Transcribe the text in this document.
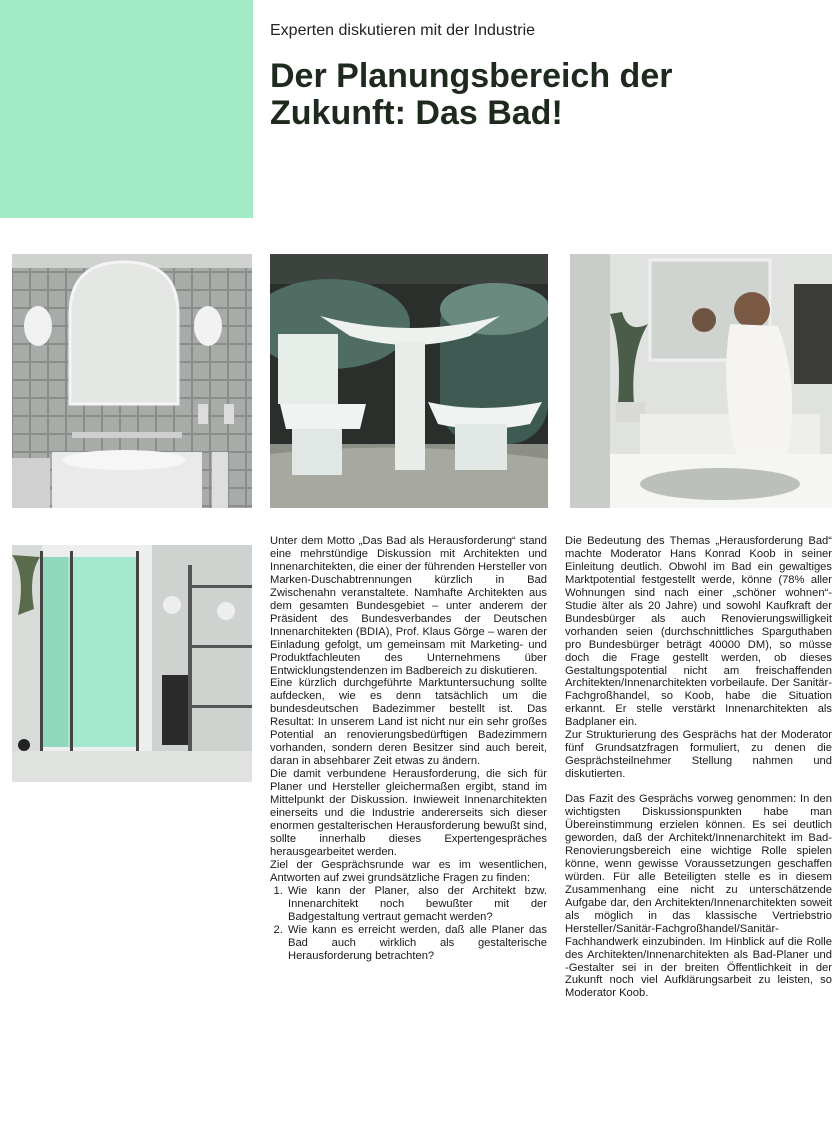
Experten diskutieren mit der Industrie
Der Planungsbereich der
Zukunft: Das Bad!

Unter dem Motto „Das Bad als Herausforderung“ stand eine mehrstündige Diskussion mit Architekten und Innenarchitekten, die einer der führenden Hersteller von Marken-Duschabtrennungen kürzlich in Bad Zwischenahn veranstaltete. Namhafte Architekten aus dem gesamten Bundesgebiet – unter anderem der Präsident des Bundesverbandes der Deutschen Innenarchitekten (BDIA), Prof. Klaus Görge – waren der Einladung gefolgt, um gemeinsam mit Marketing- und Produktfachleuten des Unternehmens über Entwicklungstendenzen im Badbereich zu diskutieren.

Eine kürzlich durchgeführte Marktuntersuchung sollte aufdecken, wie es denn tatsächlich um die bundesdeutschen Badezimmer bestellt ist. Das Resultat: In unserem Land ist nicht nur ein sehr großes Potential an renovierungsbedürftigen Badezimmern vorhanden, sondern deren Besitzer sind auch bereit, daran in absehbarer Zeit etwas zu ändern.

Die damit verbundene Herausforderung, die sich für Planer und Hersteller gleichermaßen ergibt, stand im Mittelpunkt der Diskussion. Inwieweit Innenarchitekten einerseits und die Industrie andererseits sich dieser enormen gestalterischen Herausforderung bewußt sind, sollte innerhalb dieses Expertengespräches herausgearbeitet werden.

Ziel der Gesprächsrunde war es im wesentlichen, Antworten auf zwei grundsätzliche Fragen zu finden:

1. Wie kann der Planer, also der Architekt bzw. Innenarchitekt noch bewußter mit der Badgestaltung vertraut gemacht werden?
2. Wie kann es erreicht werden, daß alle Planer das Bad auch wirklich als gestalterische Herausforderung betrachten?

Die Bedeutung des Themas „Herausforderung Bad“ machte Moderator Hans Konrad Koob in seiner Einleitung deutlich. Obwohl im Bad ein gewaltiges Marktpotential festgestellt werde, könne (78% aller Wohnungen sind nach einer „schöner wohnen“-Studie älter als 20 Jahre) und sowohl Kaufkraft der Bundesbürger als auch Renovierungswilligkeit vorhanden seien (durchschnittliches Sparguthaben pro Bundesbürger beträgt 40000 DM), so müsse doch die Frage gestellt werden, ob dieses Gestaltungspotential nicht am freischaffenden Architekten/Innenarchitekten vorbeilaufe. Der Sanitär-Fachgroßhandel, so Koob, habe die Situation erkannt. Er stelle verstärkt Innenarchitekten als Badplaner ein.

Zur Strukturierung des Gesprächs hat der Moderator fünf Grundsatzfragen formuliert, zu denen die Gesprächsteilnehmer Stellung nahmen und diskutierten.

Das Fazit des Gesprächs vorweg genommen: In den wichtigsten Diskussionspunkten habe man Übereinstimmung erzielen können. Es sei deutlich geworden, daß der Architekt/Innenarchitekt im Bad-Renovierungsbereich eine wichtige Rolle spielen könne, wenn gewisse Voraussetzungen geschaffen würden. Für alle Beteiligten stelle es in diesem Zusammenhang eine nicht zu unterschätzende Aufgabe dar, den Architekten/Innenarchitekten soweit als möglich in das klassische Vertriebstrio Hersteller/Sanitär-Fachgroßhandel/Sanitär-Fachhandwerk einzubinden. Im Hinblick auf die Rolle des Architekten/Innenarchitekten als Bad-Planer und -Gestalter sei in der breiten Öffentlichkeit in der Zukunft noch viel Aufklärungsarbeit zu leisten, so Moderator Koob.
